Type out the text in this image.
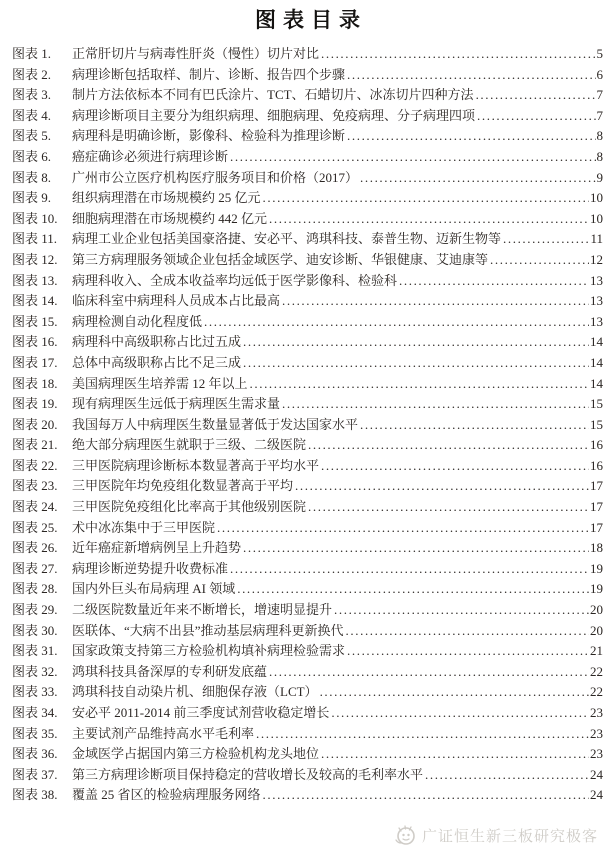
图表目录
图表 1.	正常肝切片与病毒性肝炎（慢性）切片对比 .....	5
图表 2.	病理诊断包括取样、制片、诊断、报告四个步骤 .....	6
图表 3.	制片方法依标本不同有巴氏涂片、TCT、石蜡切片、冰冻切片四种方法 .....	7
图表 4.	病理诊断项目主要分为组织病理、细胞病理、免疫病理、分子病理四项 .....	7
图表 5.	病理科是明确诊断，影像科、检验科为推理诊断 .....	8
图表 6.	癌症确诊必须进行病理诊断 .....	8
图表 8.	广州市公立医疗机构医疗服务项目和价格（2017） .....	9
图表 9.	组织病理潜在市场规模约 25 亿元 .....	10
图表 10.	细胞病理潜在市场规模约 442 亿元 .....	10
图表 11.	病理工业企业包括美国豪洛捷、安必平、鸿琪科技、泰普生物、迈新生物等 .....	11
图表 12.	第三方病理服务领域企业包括金域医学、迪安诊断、华银健康、艾迪康等 .....	12
图表 13.	病理科收入、全成本收益率均远低于医学影像科、检验科 .....	13
图表 14.	临床科室中病理科人员成本占比最高 .....	13
图表 15.	病理检测自动化程度低 .....	13
图表 16.	病理科中高级职称占比过五成 .....	14
图表 17.	总体中高级职称占比不足三成 .....	14
图表 18.	美国病理医生培养需 12 年以上 .....	14
图表 19.	现有病理医生远低于病理医生需求量 .....	15
图表 20.	我国每万人中病理医生数量显著低于发达国家水平 .....	15
图表 21.	绝大部分病理医生就职于三级、二级医院 .....	16
图表 22.	三甲医院病理诊断标本数显著高于平均水平 .....	16
图表 23.	三甲医院年均免疫组化数显著高于平均 .....	17
图表 24.	三甲医院免疫组化比率高于其他级别医院 .....	17
图表 25.	术中冰冻集中于三甲医院 .....	17
图表 26.	近年癌症新增病例呈上升趋势 .....	18
图表 27.	病理诊断逆势提升收费标准 .....	19
图表 28.	国内外巨头布局病理 AI 领域 .....	19
图表 29.	二级医院数量近年来不断增长，增速明显提升 .....	20
图表 30.	医联体、“大病不出县”推动基层病理科更新换代 .....	20
图表 31.	国家政策支持第三方检验机构填补病理检验需求 .....	21
图表 32.	鸿琪科技具备深厚的专利研发底蕴 .....	22
图表 33.	鸿琪科技自动染片机、细胞保存液（LCT） .....	22
图表 34.	安必平 2011-2014 前三季度试剂营收稳定增长 .....	23
图表 35.	主要试剂产品维持高水平毛利率 .....	23
图表 36.	金域医学占据国内第三方检验机构龙头地位 .....	23
图表 37.	第三方病理诊断项目保持稳定的营收增长及较高的毛利率水平 .....	24
图表 38.	覆盖 25 省区的检验病理服务网络 .....	24
广证恒生新三板研究极客
